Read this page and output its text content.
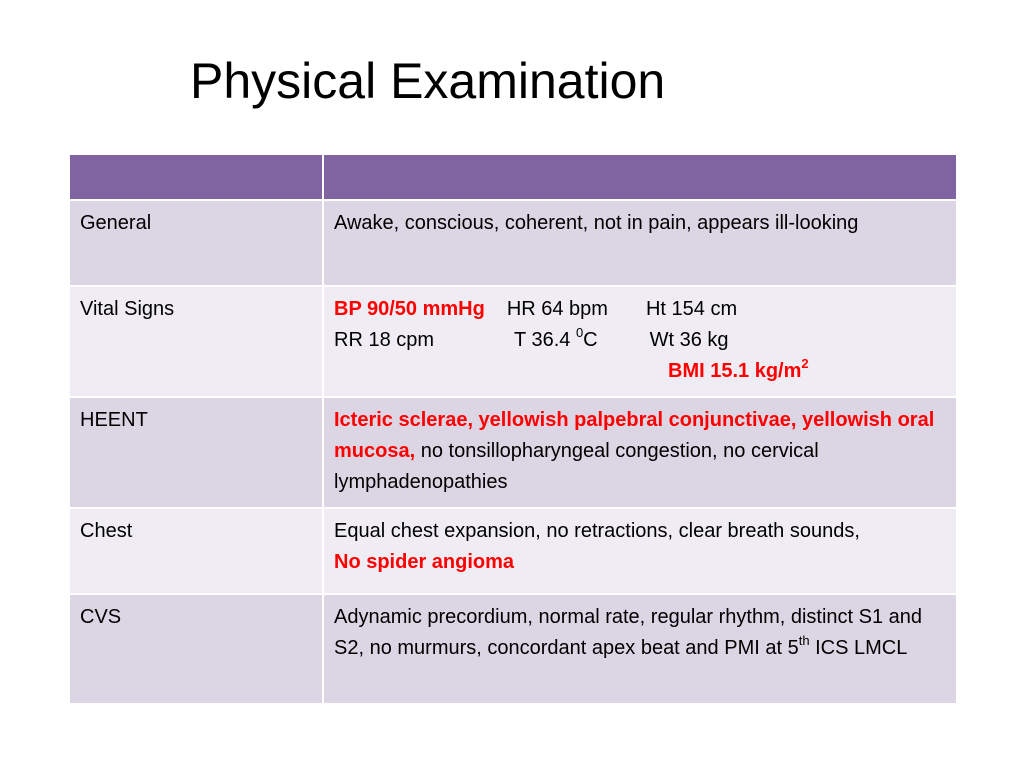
Physical Examination

General	Awake, conscious, coherent, not in pain, appears ill-looking
Vital Signs	BP 90/50 mmHg HR 64 bpm Ht 154 cm
RR 18 cpm T 36.4 $^0$C Wt 36 kg
BMI 15.1 $kg/m^2$

HEENT	Icteric sclerae, yellowish palpebral conjunctivae, yellowish oral mucosa, no tonsillopharyngeal congestion, no cervical lymphadenopathies
Chest	Equal chest expansion, no retractions, clear breath sounds,
No spider angioma
CVS	Adynamic precordium, normal rate, regular rhythm, distinct S1 and S2, no murmurs, concordant apex beat and PMI at 5th ICS LMCL
